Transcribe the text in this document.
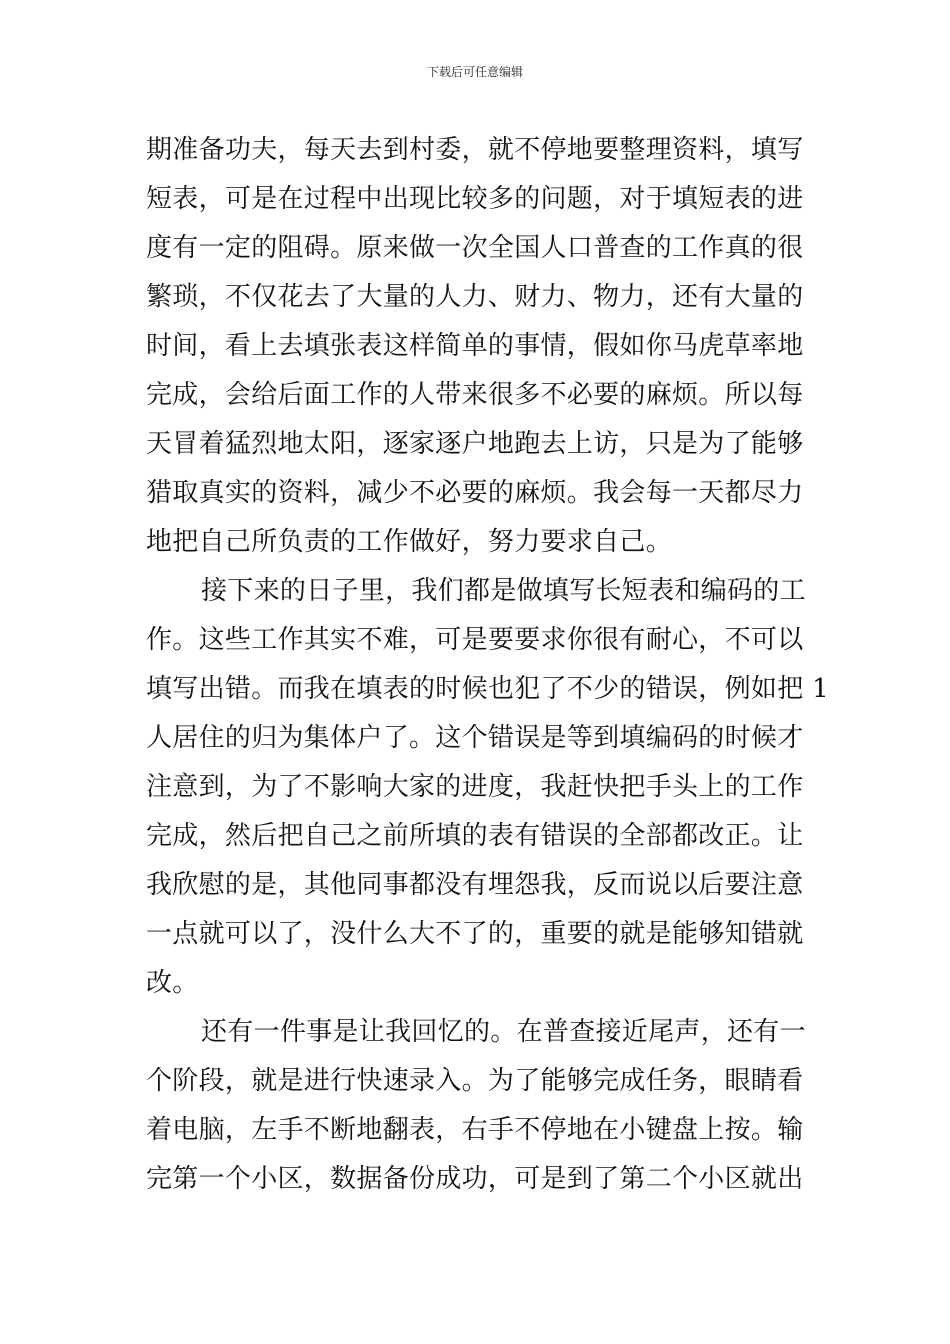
下载后可任意编辑
期准备功夫，每天去到村委，就不停地要整理资料，填写
短表，可是在过程中出现比较多的问题，对于填短表的进
度有一定的阻碍。原来做一次全国人口普查的工作真的很
繁琐，不仅花去了大量的人力、财力、物力，还有大量的
时间，看上去填张表这样简单的事情，假如你马虎草率地
完成，会给后面工作的人带来很多不必要的麻烦。所以每
天冒着猛烈地太阳，逐家逐户地跑去上访，只是为了能够
猎取真实的资料，减少不必要的麻烦。我会每一天都尽力
地把自己所负责的工作做好，努力要求自己。
接下来的日子里，我们都是做填写长短表和编码的工
作。这些工作其实不难，可是要要求你很有耐心，不可以
填写出错。而我在填表的时候也犯了不少的错误，例如把 1
人居住的归为集体户了。这个错误是等到填编码的时候才
注意到，为了不影响大家的进度，我赶快把手头上的工作
完成，然后把自己之前所填的表有错误的全部都改正。让
我欣慰的是，其他同事都没有埋怨我，反而说以后要注意
一点就可以了，没什么大不了的，重要的就是能够知错就
改。
还有一件事是让我回忆的。在普查接近尾声，还有一
个阶段，就是进行快速录入。为了能够完成任务，眼睛看
着电脑，左手不断地翻表，右手不停地在小键盘上按。输
完第一个小区，数据备份成功，可是到了第二个小区就出
